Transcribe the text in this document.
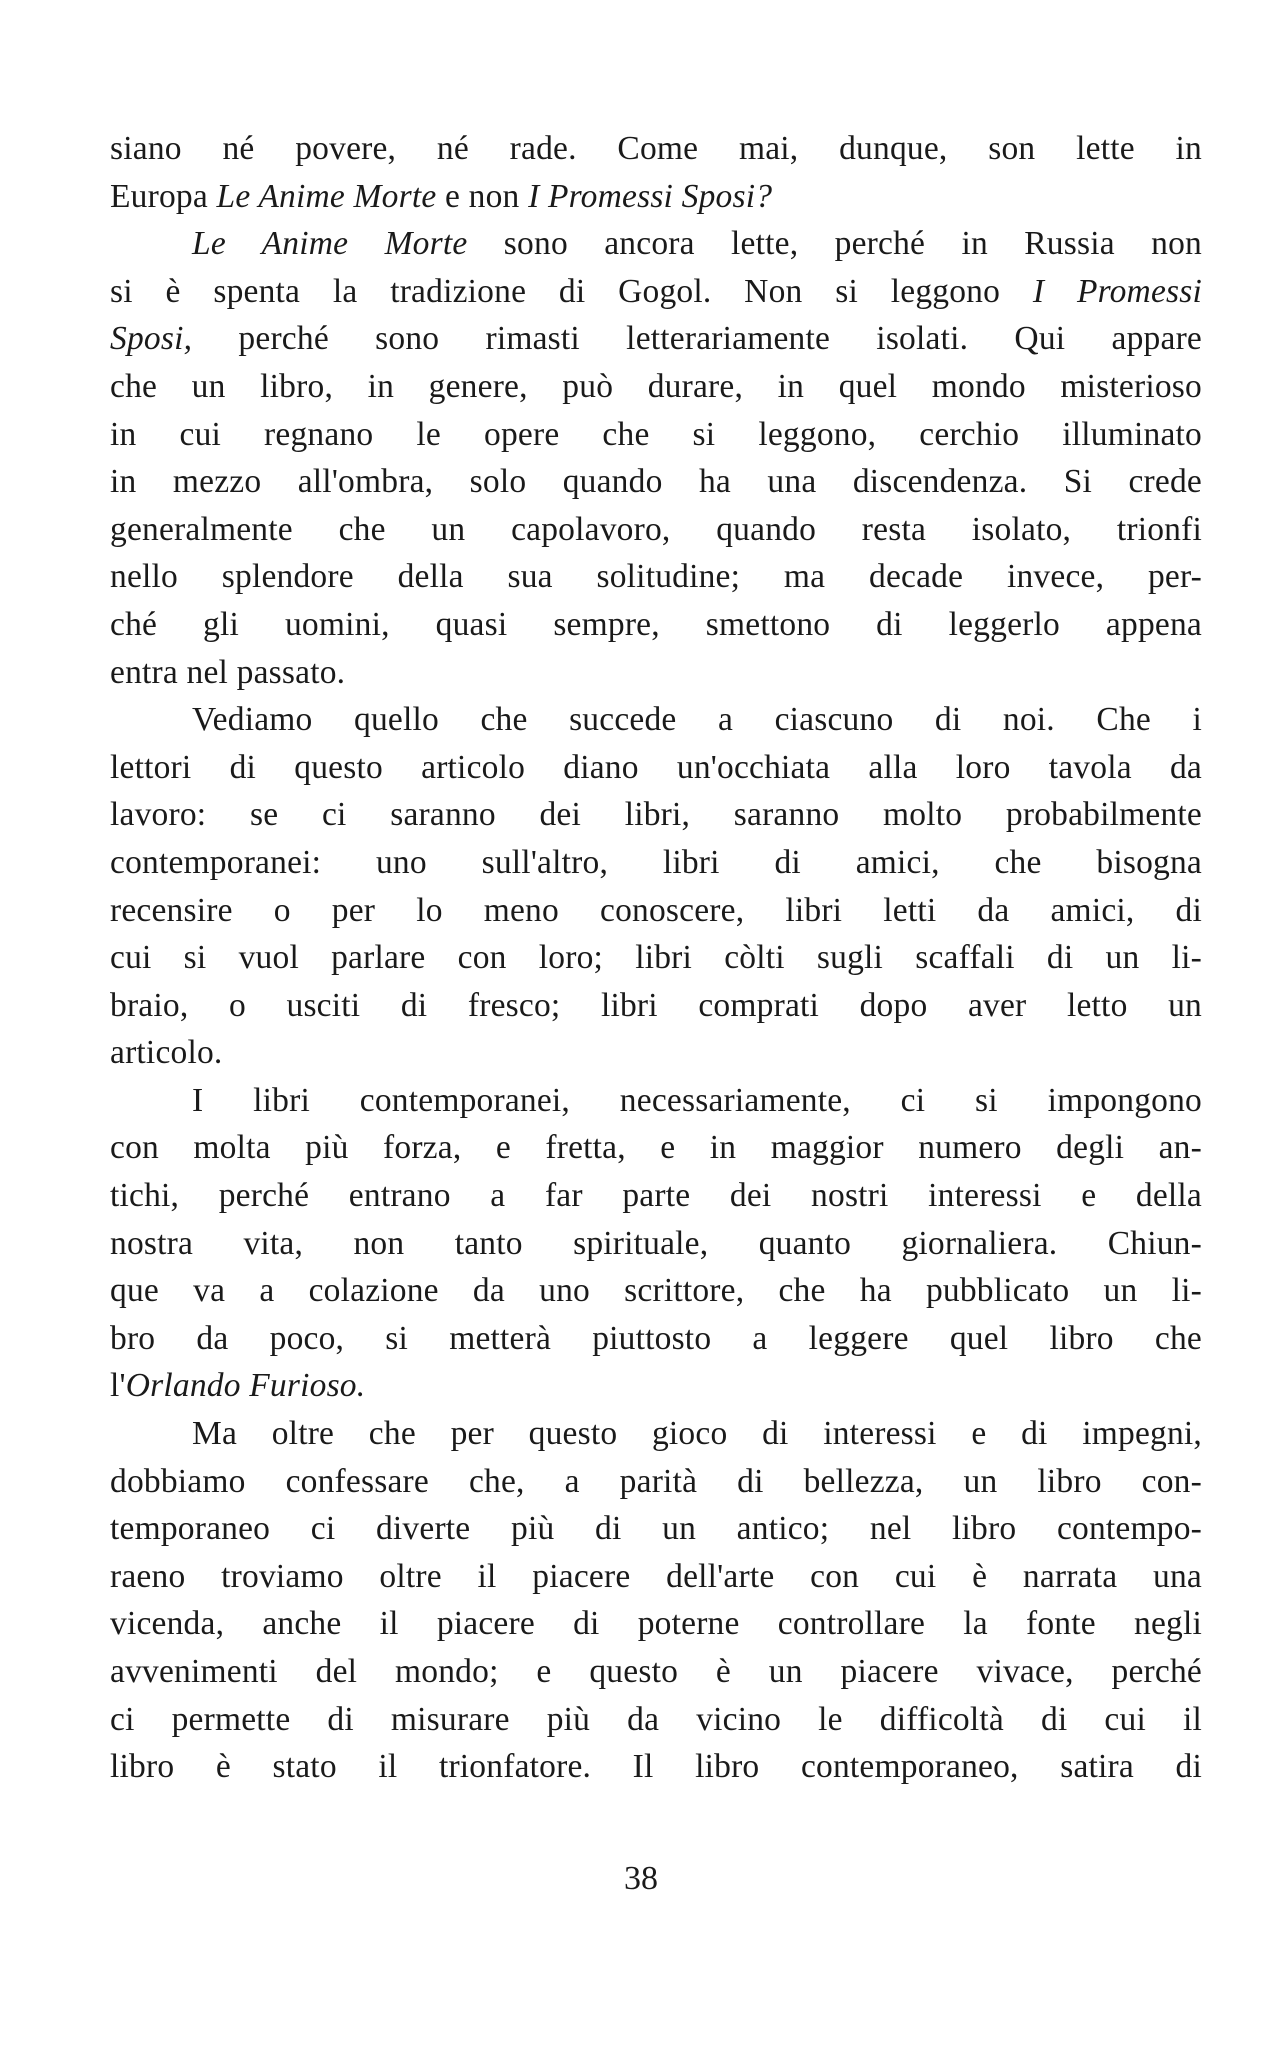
siano né povere, né rade. Come mai, dunque, son lette in
Europa Le Anime Morte e non I Promessi Sposi?
Le Anime Morte sono ancora lette, perché in Russia non
si è spenta la tradizione di Gogol. Non si leggono I Promessi
Sposi, perché sono rimasti letterariamente isolati. Qui appare
che un libro, in genere, può durare, in quel mondo misterioso
in cui regnano le opere che si leggono, cerchio illuminato
in mezzo all'ombra, solo quando ha una discendenza. Si crede
generalmente che un capolavoro, quando resta isolato, trionfi
nello splendore della sua solitudine; ma decade invece, per-
ché gli uomini, quasi sempre, smettono di leggerlo appena
entra nel passato.
Vediamo quello che succede a ciascuno di noi. Che i
lettori di questo articolo diano un'occhiata alla loro tavola da
lavoro: se ci saranno dei libri, saranno molto probabilmente
contemporanei: uno sull'altro, libri di amici, che bisogna
recensire o per lo meno conoscere, libri letti da amici, di
cui si vuol parlare con loro; libri còlti sugli scaffali di un li-
braio, o usciti di fresco; libri comprati dopo aver letto un
articolo.
I libri contemporanei, necessariamente, ci si impongono
con molta più forza, e fretta, e in maggior numero degli an-
tichi, perché entrano a far parte dei nostri interessi e della
nostra vita, non tanto spirituale, quanto giornaliera. Chiun-
que va a colazione da uno scrittore, che ha pubblicato un li-
bro da poco, si metterà piuttosto a leggere quel libro che
l'Orlando Furioso.
Ma oltre che per questo gioco di interessi e di impegni,
dobbiamo confessare che, a parità di bellezza, un libro con-
temporaneo ci diverte più di un antico; nel libro contempo-
raeno troviamo oltre il piacere dell'arte con cui è narrata una
vicenda, anche il piacere di poterne controllare la fonte negli
avvenimenti del mondo; e questo è un piacere vivace, perché
ci permette di misurare più da vicino le difficoltà di cui il
libro è stato il trionfatore. Il libro contemporaneo, satira di
38
